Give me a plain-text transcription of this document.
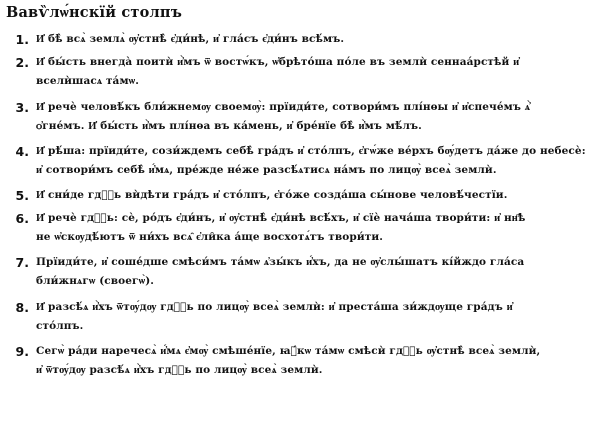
Вавѷлѡ́нскїй столпъ
1. И҆ бѣ̀ всѧ̀ землѧ̀ ѹ҆стнѣ̀ є҆ди́нѣ, и҆ гла́съ є҆ди́нъ всѣ́мъ.
2. И҆ бы́сть внегда̀ поитѝ и҆̀мъ ѿ востѡ́къ, ѡ҆брѣто́ша по́ле въ землѝ сеннаа́рстѣй и҆
вселѝшасѧ та́мѡ.
3. И҆ речѐ человѣ́къ бли́жнемѹ своемѹ̀: прїиди́те, сотвори́мъ плі́нѳы и҆ и҆спече́мъ ѧ҆̀
ѻ҆гне́мъ. И҆ бы́сть и҆̀мъ плі́нѳа въ ка́мень, и҆ бре́нїе бѣ̀ и҆̀мъ мѣ́лъ.
4. И҆ рѣ́ша: прїиди́те, сози́ждемъ себѣ̀ гра́дъ и҆ сто́лпъ, є҆гѡ́же ве́рхъ бѹ́детъ да́же до небесѐ:
и҆ сотвори́мъ себѣ̀ и҆́мѧ, пре́жде не́же разсѣ́ѧтисѧ на́мъ по лицѹ̀ всеѧ̀ землѝ.
5. И҆ сни́де гдⷭ҇ь вѝдѣти гра́дъ и҆ сто́лпъ, є҆го́же созда́ша сы́нове человѣ́честїи.
6. И҆ речѐ гдⷭ҇ь: сѐ, ро́дъ є҆ди́нъ, и҆ ѹ҆стнѣ̀ є҆ди́нѣ всѣ́хъ, и҆ сїѐ нача́ша твори́ти: и҆ нн҃ѣ
не ѡ҆скѹдѣ́ютъ ѿ ни́хъ всѧ̑ є҆ли̑ка а́ще восхотѧ́тъ твори́ти.
7. Прїиди́те, и҆ соше́дше смѣси́мъ та́мѡ ѧ҆зы́къ и҆́хъ, да не ѹ҆слы́шатъ кі́йждо гла́са
бли́жнѧгѡ (своегѡ̀).
8. И҆ разсѣ́ѧ и҆̀хъ ѿтѹ́дѹ гдⷭ҇ь по лицѹ̀ всеѧ̀ землѝ: и҆ преста́ша зи́ждѹще гра́дъ и҆
сто́лпъ.
9. Сегѡ̀ ра́ди наречесѧ̀ и҆́мѧ є҆мѹ̀ смѣше́нїе, ꙗ҆́кѡ та́мѡ смѣсѝ гдⷭ҇ь ѹ҆стнѣ̀ всеѧ̀ землѝ,
и҆ ѿтѹ́дѹ разсѣ́ѧ и҆̀хъ гдⷭ҇ь по лицѹ̀ всеѧ̀ землѝ.
